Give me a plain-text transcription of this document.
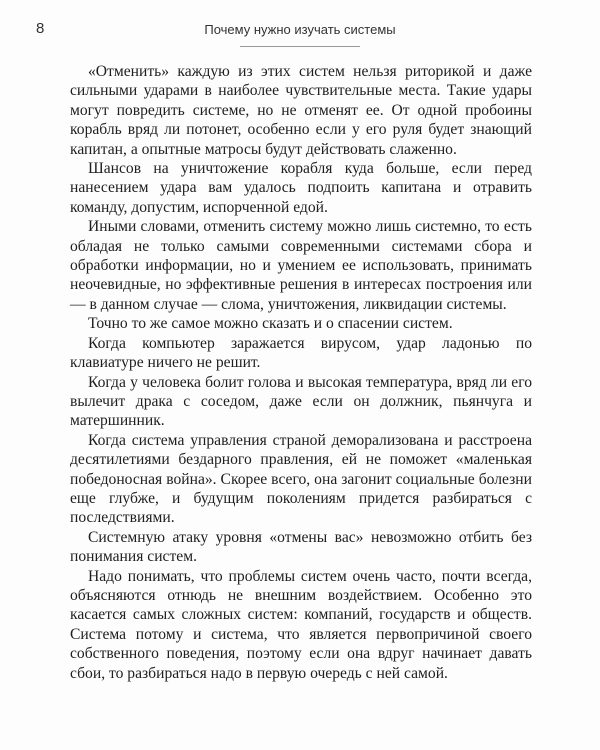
8	Почему нужно изучать системы

«Отменить» каждую из этих систем нельзя риторикой и даже сильными ударами в наиболее чувствительные места. Такие удары могут повредить системе, но не отменят ее. От одной пробоины корабль вряд ли потонет, особенно если у его руля будет знающий капитан, а опытные матросы будут действовать слаженно.

Шансов на уничтожение корабля куда больше, если перед нанесением удара вам удалось подпоить капитана и отравить команду, допустим, испорченной едой.

Иными словами, отменить систему можно лишь системно, то есть обладая не только самыми современными системами сбора и обработки информации, но и умением ее использовать, принимать неочевидные, но эффективные решения в интересах построения или — в данном случае — слома, уничтожения, ликвидации системы.

Точно то же самое можно сказать и о спасении систем.

Когда компьютер заражается вирусом, удар ладонью по клавиатуре ничего не решит.

Когда у человека болит голова и высокая температура, вряд ли его вылечит драка с соседом, даже если он должник, пьянчуга и матершинник.

Когда система управления страной деморализована и расстроена десятилетиями бездарного правления, ей не поможет «маленькая победоносная война». Скорее всего, она загонит социальные болезни еще глубже, и будущим поколениям придется разбираться с последствиями.

Системную атаку уровня «отмены вас» невозможно отбить без понимания систем.

Надо понимать, что проблемы систем очень часто, почти всегда, объясняются отнюдь не внешним воздействием. Особенно это касается самых сложных систем: компаний, государств и обществ. Система потому и система, что является первопричиной своего собственного поведения, поэтому если она вдруг начинает давать сбои, то разбираться надо в первую очередь с ней самой.
